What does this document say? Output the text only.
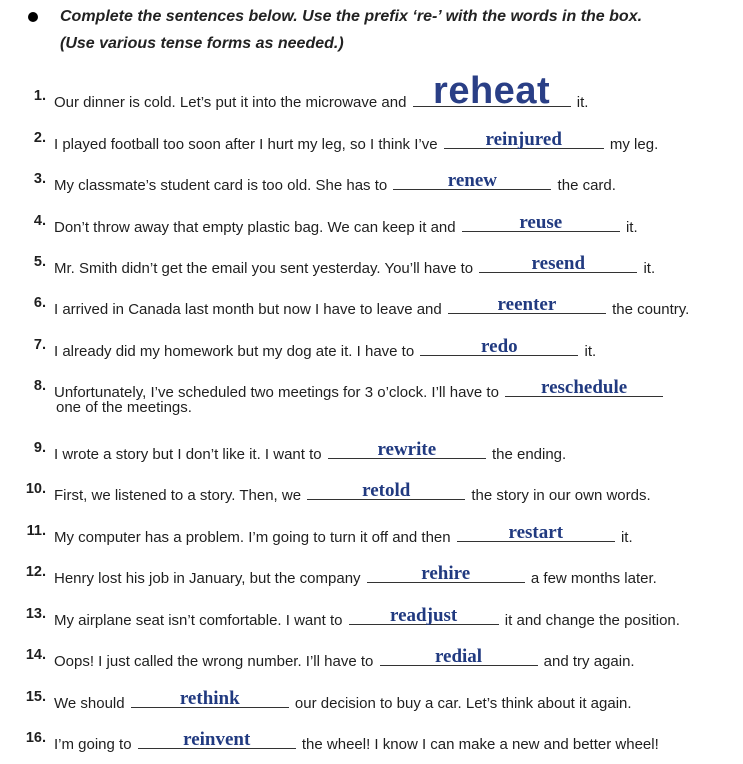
Complete the sentences below. Use the prefix ‘re-’ with the words in the box.
(Use various tense forms as needed.)
1. Our dinner is cold. Let’s put it into the microwave and reheat	it.
2. I played football too soon after I hurt my leg, so I think I’ve	reinjured	my leg.
3. My classmate’s student card is too old. She has to	renew	the card.
4. Don’t throw away that empty plastic bag. We can keep it and	reuse	it.
5. Mr. Smith didn’t get the email you sent yesterday. You’ll have to	resend	it.
6. I arrived in Canada last month but now I have to leave and	reenter	the country.
7. I already did my homework but my dog ate it. I have to	redo	it.
8. Unfortunately, I’ve scheduled two meetings for 3 o’clock. I’ll have to	reschedule
one of the meetings.
9. I wrote a story but I don’t like it. I want to	rewrite	the ending.
10. First, we listened to a story. Then, we	retold	the story in our own words.
11. My computer has a problem. I’m going to turn it off and then	restart	it.
12. Henry lost his job in January, but the company	rehire	a few months later.
13. My airplane seat isn’t comfortable. I want to	readjust	it and change the position.
14. Oops! I just called the wrong number. I’ll have to	redial	and try again.
15. We should	rethink	our decision to buy a car. Let’s think about it again.
16. I’m going to	reinvent	the wheel! I know I can make a new and better wheel!
